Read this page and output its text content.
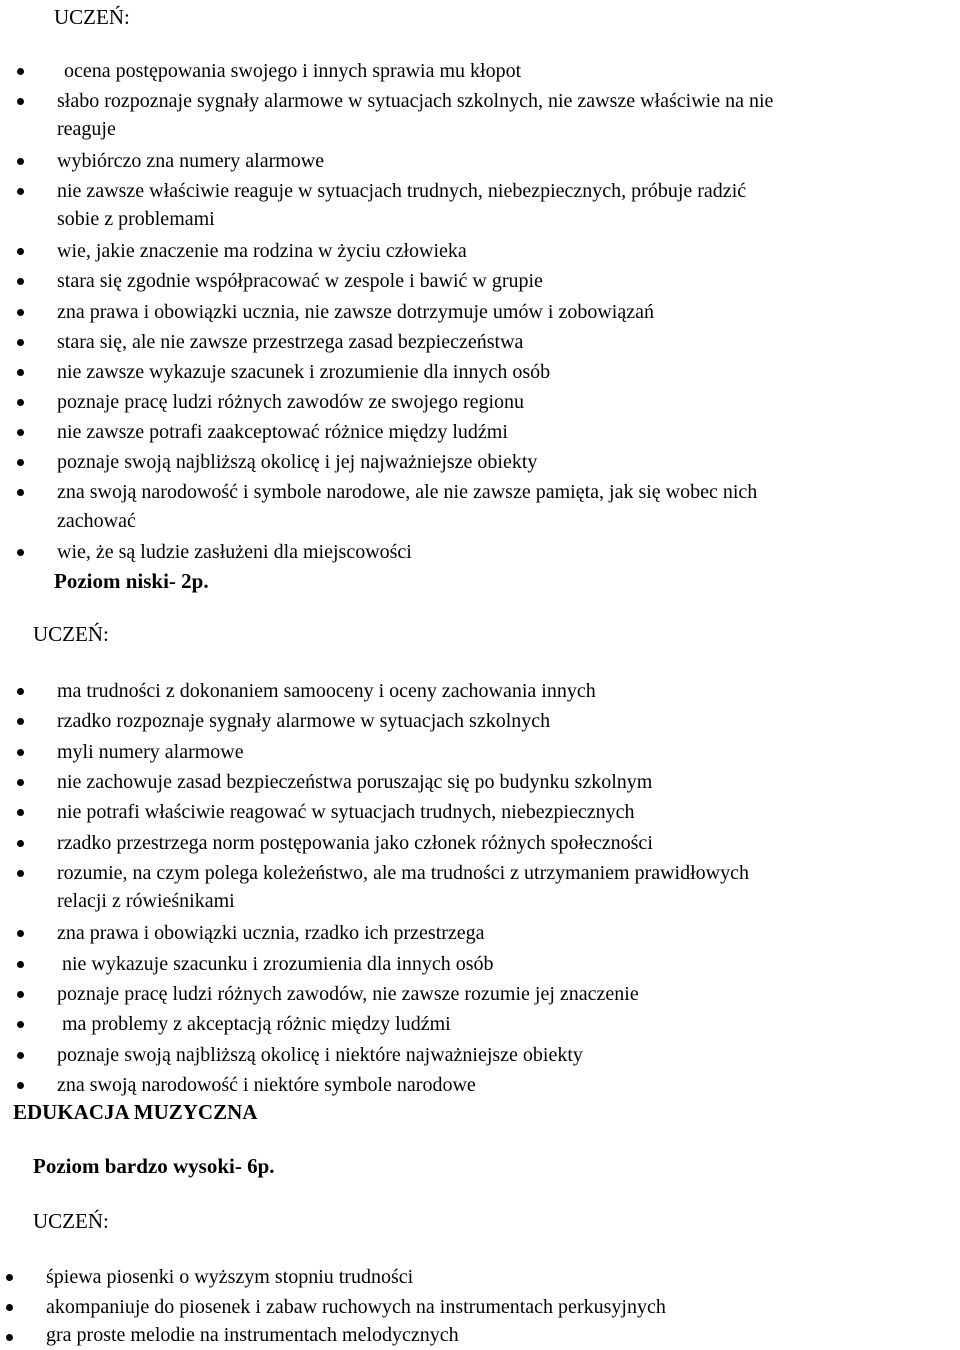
UCZEŃ:
ocena postępowania swojego i innych sprawia mu kłopot
słabo rozpoznaje sygnały alarmowe w sytuacjach szkolnych, nie zawsze właściwie na nie
reaguje
wybiórczo zna numery alarmowe
nie zawsze właściwie reaguje w sytuacjach trudnych, niebezpiecznych, próbuje radzić
sobie z problemami
wie, jakie znaczenie ma rodzina w życiu człowieka
stara się zgodnie współpracować w zespole i bawić w grupie
zna prawa i obowiązki ucznia, nie zawsze dotrzymuje umów i zobowiązań
stara się, ale nie zawsze przestrzega zasad bezpieczeństwa
nie zawsze wykazuje szacunek i zrozumienie dla innych osób
poznaje pracę ludzi różnych zawodów ze swojego regionu
nie zawsze potrafi zaakceptować różnice między ludźmi
poznaje swoją najbliższą okolicę i jej najważniejsze obiekty
zna swoją narodowość i symbole narodowe, ale nie zawsze pamięta, jak się wobec nich
zachować
wie, że są ludzie zasłużeni dla miejscowości
Poziom niski- 2p.
UCZEŃ:
ma trudności z dokonaniem samooceny i oceny zachowania innych
rzadko rozpoznaje sygnały alarmowe w sytuacjach szkolnych
myli numery alarmowe
nie zachowuje zasad bezpieczeństwa poruszając się po budynku szkolnym
nie potrafi właściwie reagować w sytuacjach trudnych, niebezpiecznych
rzadko przestrzega norm postępowania jako członek różnych społeczności
rozumie, na czym polega koleżeństwo, ale ma trudności z utrzymaniem prawidłowych
relacji z rówieśnikami
zna prawa i obowiązki ucznia, rzadko ich przestrzega
nie wykazuje szacunku i zrozumienia dla innych osób
poznaje pracę ludzi różnych zawodów, nie zawsze rozumie jej znaczenie
ma problemy z akceptacją różnic między ludźmi
poznaje swoją najbliższą okolicę i niektóre najważniejsze obiekty
zna swoją narodowość i niektóre symbole narodowe
EDUKACJA MUZYCZNA
Poziom bardzo wysoki- 6p.
UCZEŃ:
śpiewa piosenki o wyższym stopniu trudności
akompaniuje do piosenek i zabaw ruchowych na instrumentach perkusyjnych
gra proste melodie na instrumentach melodycznych
